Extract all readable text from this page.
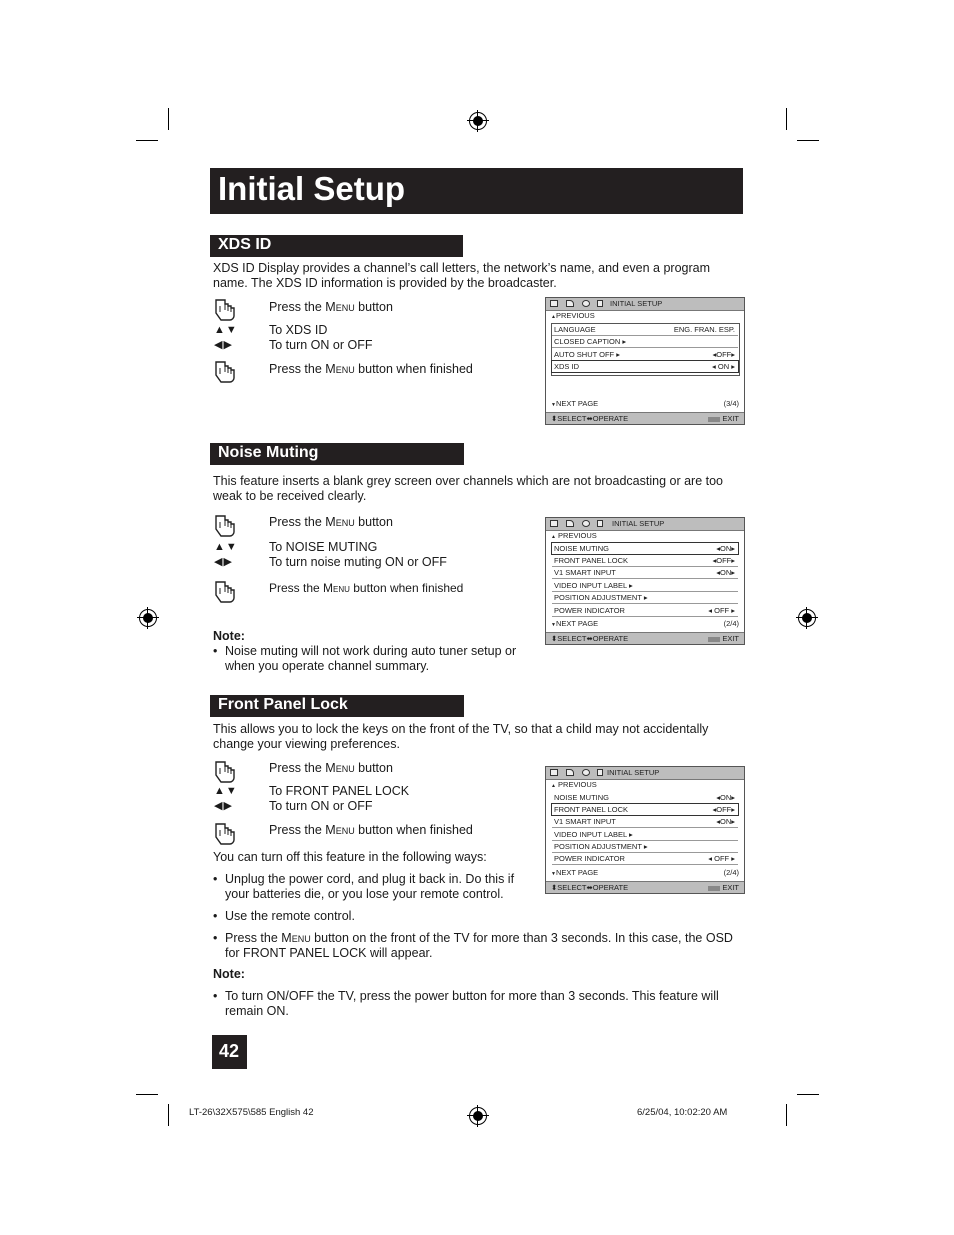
Initial Setup
XDS ID
XDS ID Display provides a channel’s call letters, the network’s name, and even a program
name. The XDS ID information is provided by the broadcaster.
Press the Menu button
▲▼ To XDS ID
◀▶	To turn ON or OFF
Press the Menu button when finished
INITIAL SETUP
▲PREVIOUS
LANGUAGE	ENG. FRAN. ESP.
CLOSED CAPTION ▸
AUTO SHUT OFF ▸	◂OFF▸
XDS ID	◂ ON ▸
▼NEXT PAGE	(3/4)
⬍SELECT⬌OPERATE	EXIT
Noise Muting
This feature inserts a blank grey screen over channels which are not broadcasting or are too
weak to be received clearly.
Press the Menu button
▲▼ To NOISE MUTING
◀▶	To turn noise muting ON or OFF
Press the Menu button when finished
Note:
• Noise muting will not work during auto tuner setup or
when you operate channel summary.
INITIAL SETUP
▲ PREVIOUS
NOISE MUTING	◂ON▸
FRONT PANEL LOCK	◂OFF▸
V1 SMART INPUT	◂ON▸
VIDEO INPUT LABEL ▸
POSITION ADJUSTMENT ▸
POWER INDICATOR	◂ OFF ▸
▼NEXT PAGE	(2/4)
⬍SELECT⬌OPERATE	EXIT
Front Panel Lock
This allows you to lock the keys on the front of the TV, so that a child may not accidentally
change your viewing preferences.
Press the Menu button
▲▼ To FRONT PANEL LOCK
◀▶	To turn ON or OFF
Press the Menu button when finished
You can turn off this feature in the following ways:
• Unplug the power cord, and plug it back in. Do this if
your batteries die, or you lose your remote control.
• Use the remote control.
• Press the Menu button on the front of the TV for more than 3 seconds. In this case, the OSD
for FRONT PANEL LOCK will appear.
Note:
• To turn ON/OFF the TV, press the power button for more than 3 seconds. This feature will
remain ON.
INITIAL SETUP
▲ PREVIOUS
NOISE MUTING	◂ON▸
FRONT PANEL LOCK	◂OFF▸
V1 SMART INPUT	◂ON▸
VIDEO INPUT LABEL ▸
POSITION ADJUSTMENT ▸
POWER INDICATOR	◂ OFF ▸
▼NEXT PAGE	(2/4)
⬍SELECT⬌OPERATE	EXIT
42
LT-26\32X575\585 English 42	6/25/04, 10:02:20 AM
